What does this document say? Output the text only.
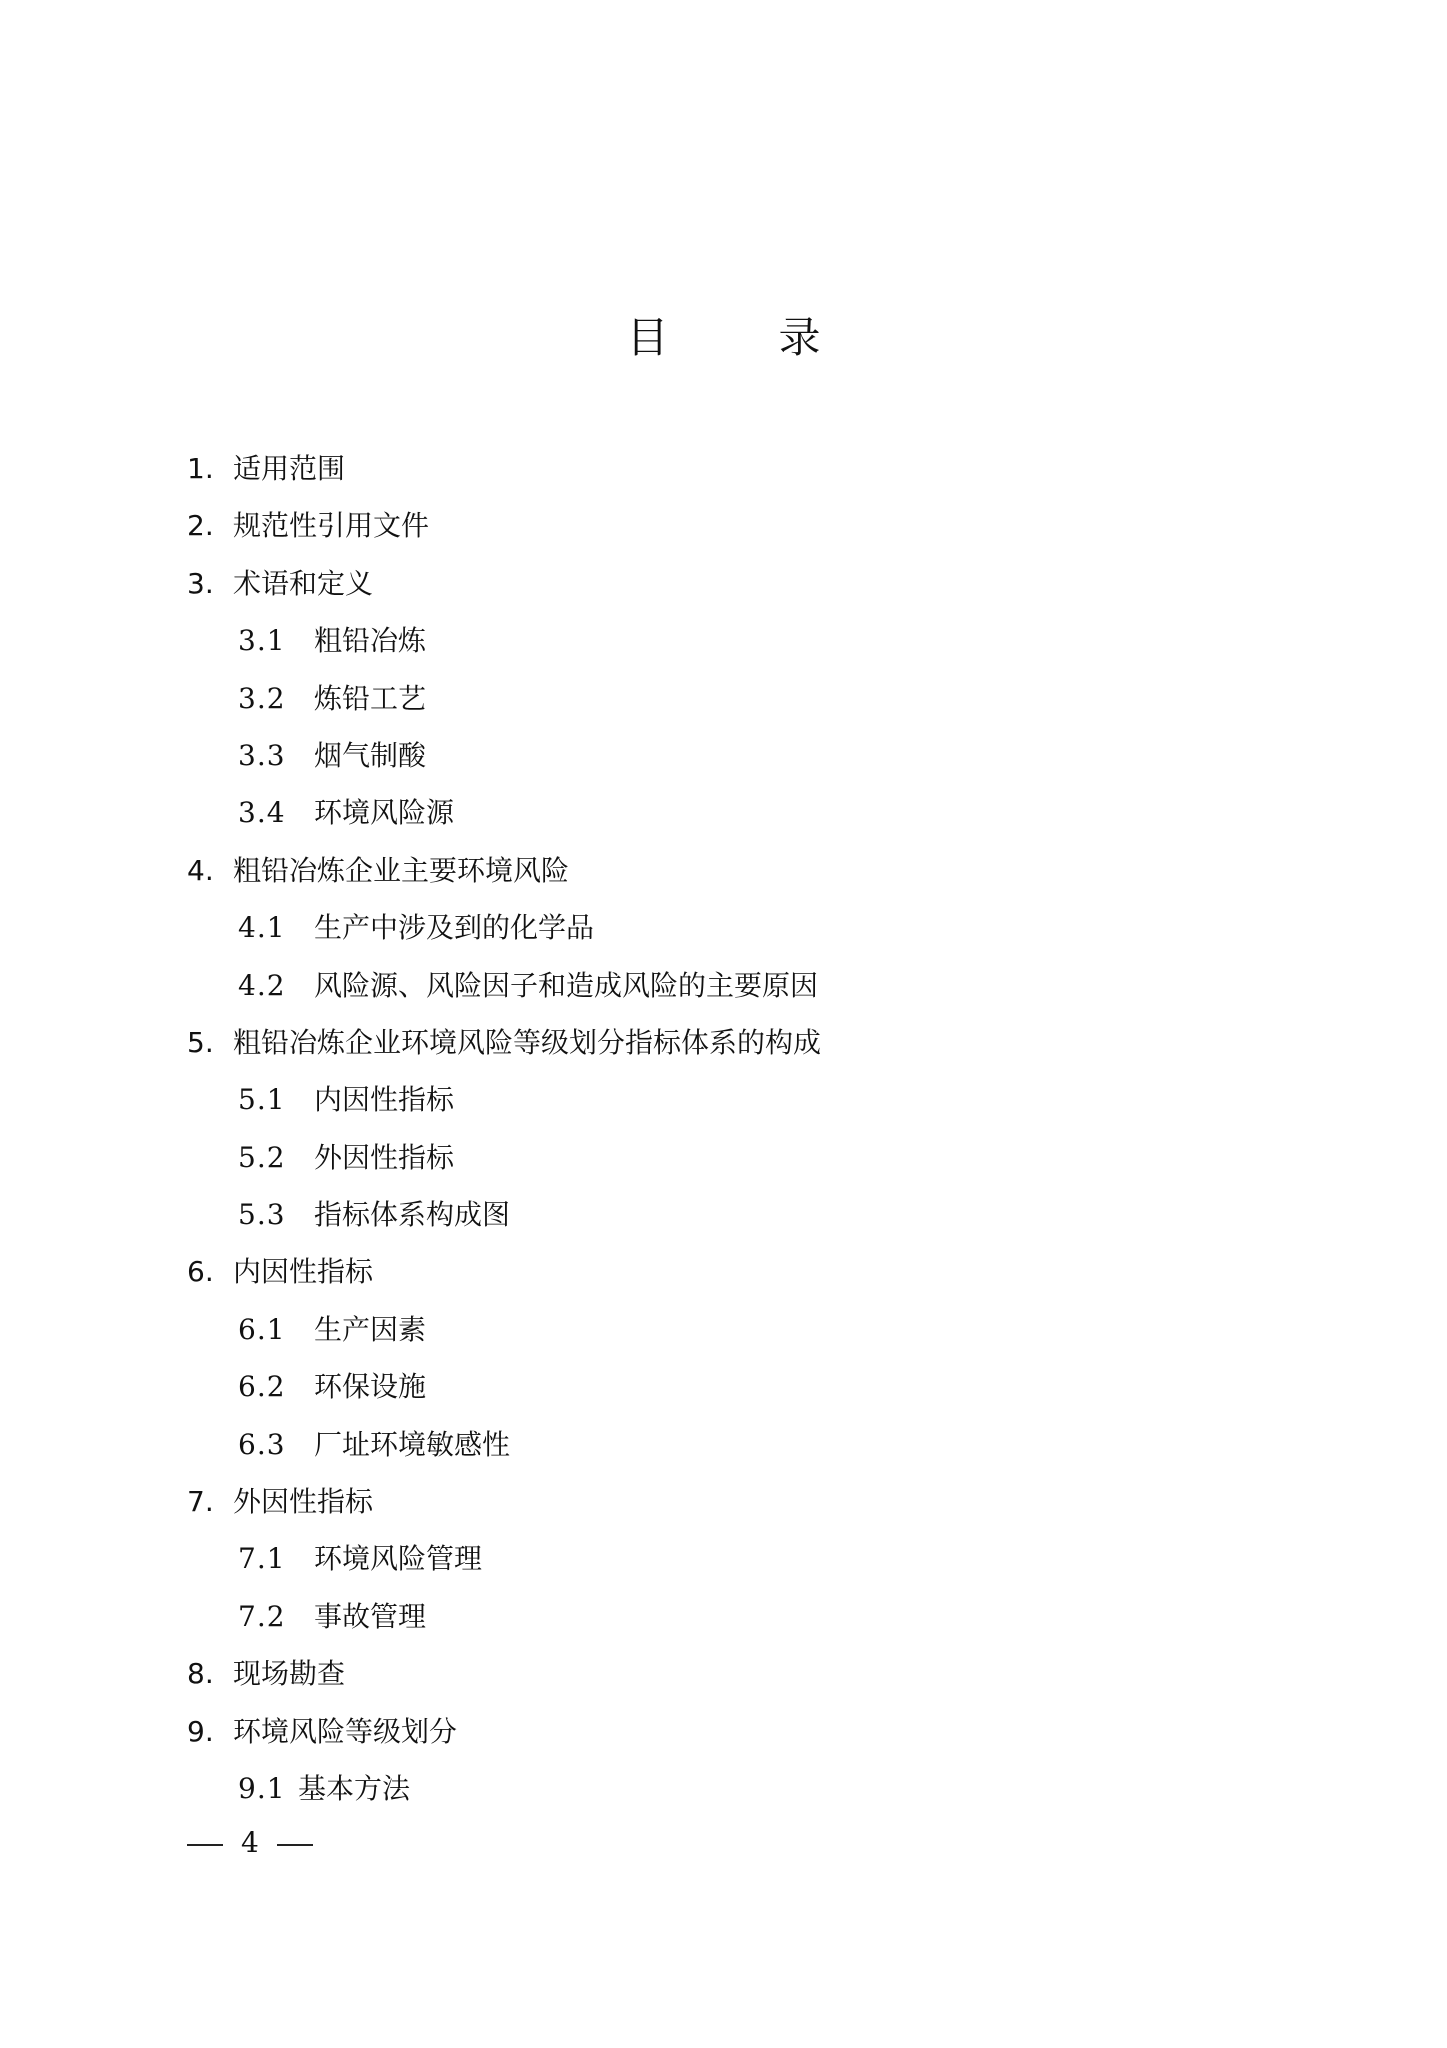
目	录
1. 适用范围
2. 规范性引用文件
3. 术语和定义
3.1 粗铅冶炼
3.2 炼铅工艺
3.3 烟气制酸
3.4 环境风险源
4. 粗铅冶炼企业主要环境风险
4.1 生产中涉及到的化学品
4.2 风险源、风险因子和造成风险的主要原因
5. 粗铅冶炼企业环境风险等级划分指标体系的构成
5.1 内因性指标
5.2 外因性指标
5.3 指标体系构成图
6. 内因性指标
6.1 生产因素
6.2 环保设施
6.3 厂址环境敏感性
7. 外因性指标
7.1 环境风险管理
7.2 事故管理
8. 现场勘查
9. 环境风险等级划分
9.1 基本方法
4
